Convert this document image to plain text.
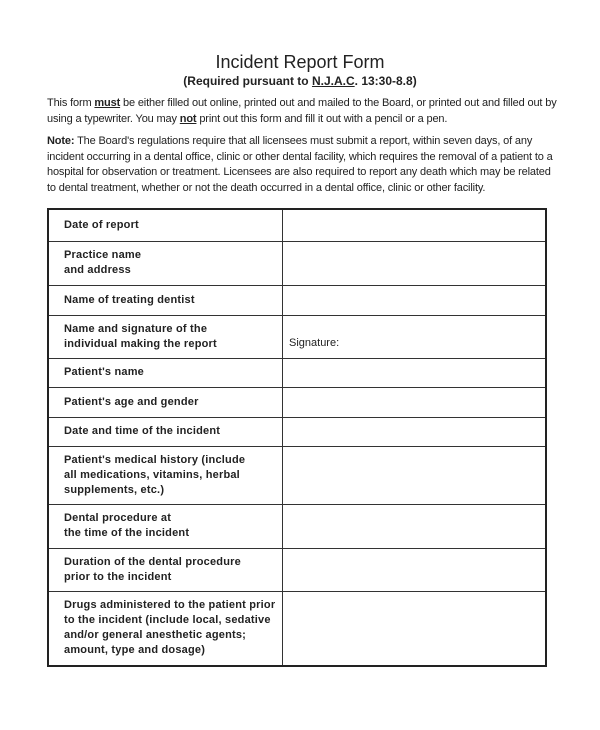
Incident Report Form
(Required pursuant to N.J.A.C. 13:30-8.8)
This form must be either filled out online, printed out and mailed to the Board, or printed out and filled out by using a typewriter. You may not print out this form and fill it out with a pencil or a pen.
Note: The Board's regulations require that all licensees must submit a report, within seven days, of any incident occurring in a dental office, clinic or other dental facility, which requires the removal of a patient to a hospital for observation or treatment. Licensees are also required to report any death which may be related to dental treatment, whether or not the death occurred in a dental office, clinic or other facility.
Date of report	
Practice name
and address	
Name of treating dentist	
Name and signature of the
individual making the report	Signature:

Patient's name	
Patient's age and gender	
Date and time of the incident	
Patient's medical history (include
all medications, vitamins, herbal
supplements, etc.)	
Dental procedure at
the time of the incident	
Duration of the dental procedure
prior to the incident	
Drugs administered to the patient prior
to the incident (include local, sedative
and/or general anesthetic agents;
amount, type and dosage)	
